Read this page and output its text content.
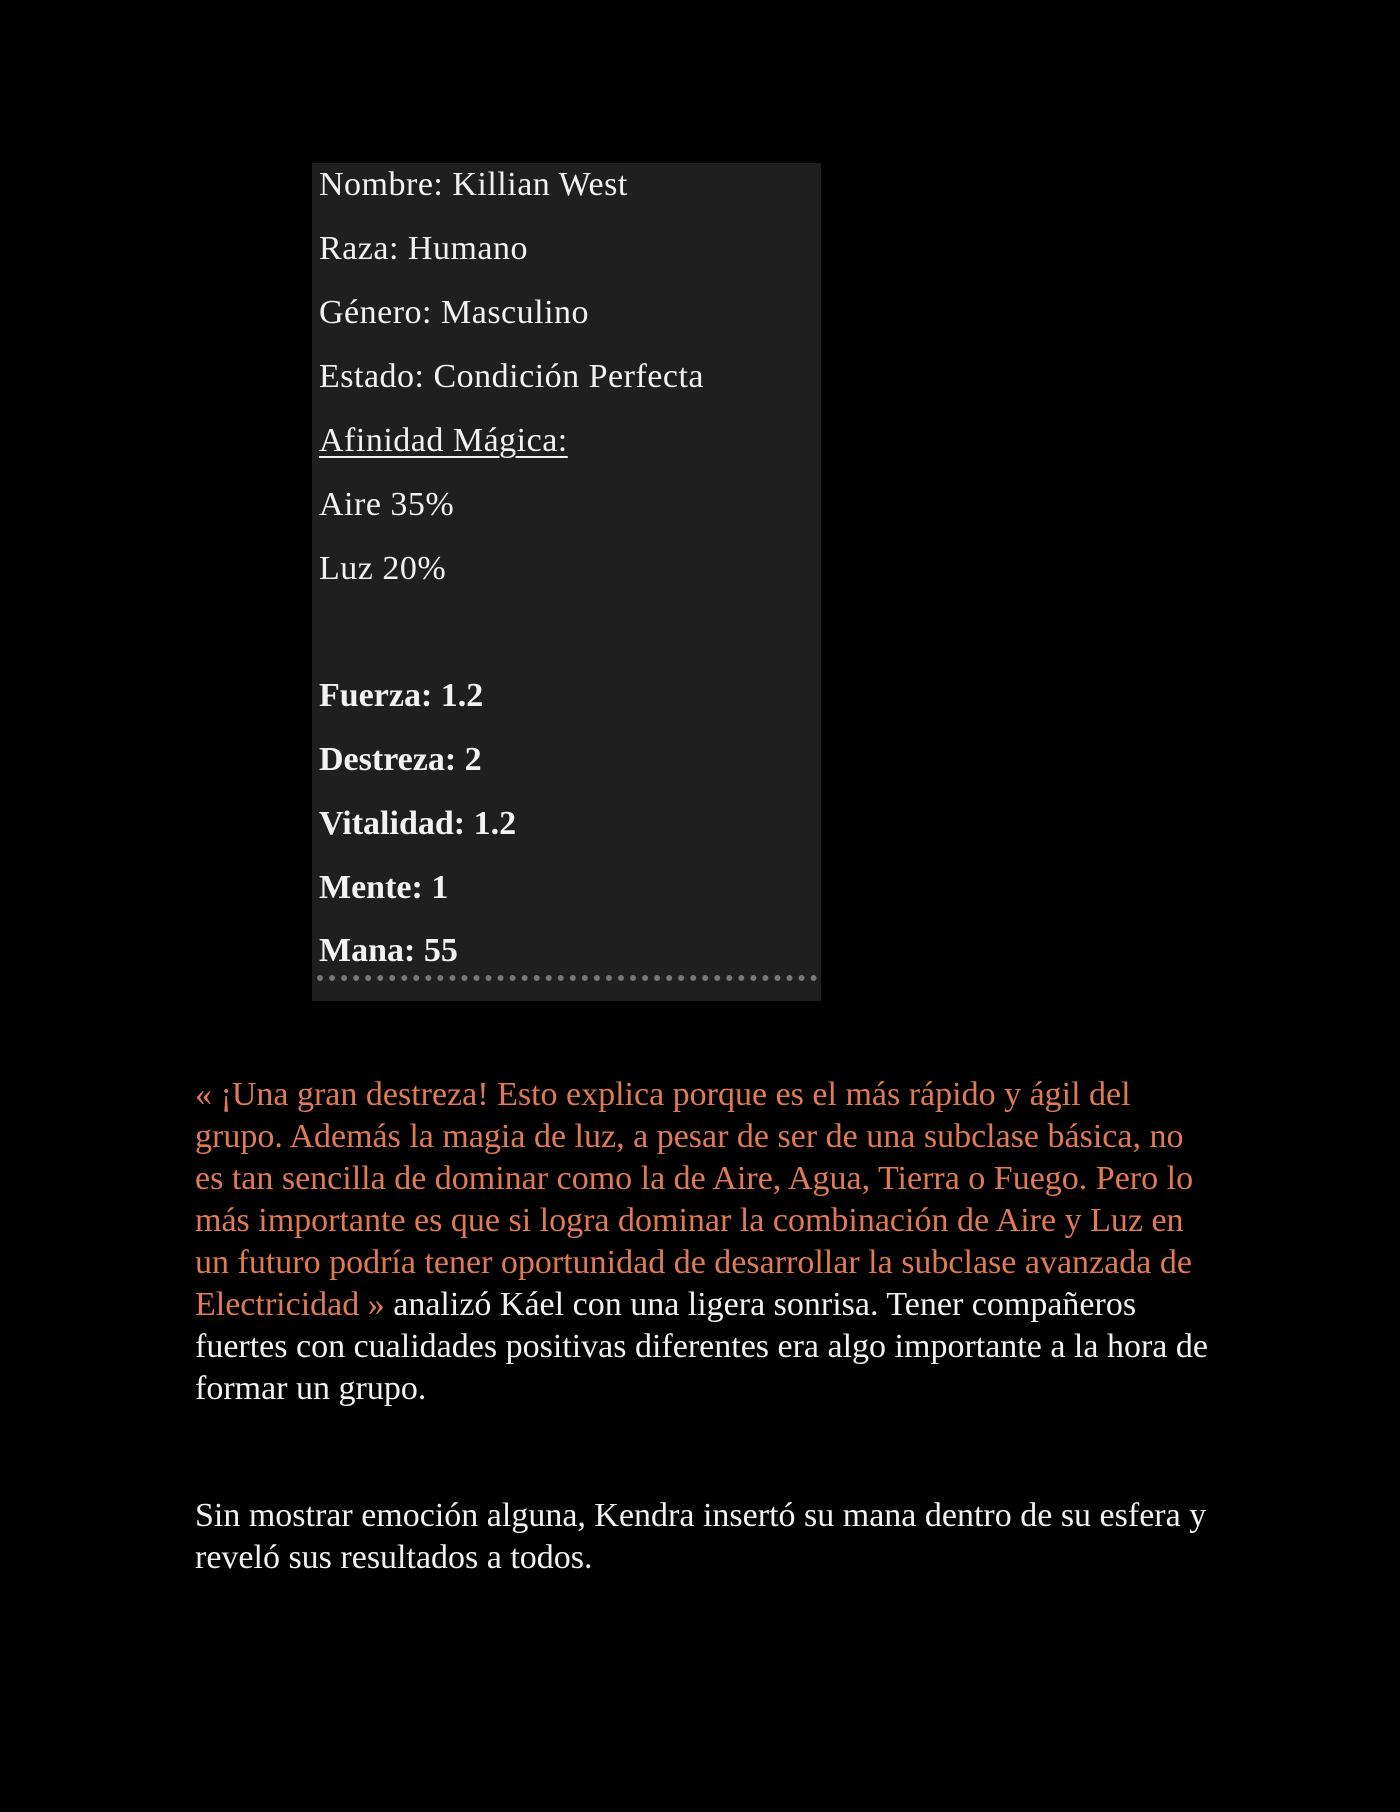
Nombre: Killian West
Raza: Humano
Género: Masculino
Estado: Condición Perfecta
Afinidad Mágica:
Aire 35%
Luz 20%
Fuerza: 1.2
Destreza: 2
Vitalidad: 1.2
Mente: 1
Mana: 55

« ¡Una gran destreza! Esto explica porque es el más rápido y ágil del grupo. Además la magia de luz, a pesar de ser de una subclase básica, no es tan sencilla de dominar como la de Aire, Agua, Tierra o Fuego. Pero lo más importante es que si logra dominar la combinación de Aire y Luz en un futuro podría tener oportunidad de desarrollar la subclase avanzada de Electricidad » analizó Káel con una ligera sonrisa. Tener compañeros fuertes con cualidades positivas diferentes era algo importante a la hora de formar un grupo.

Sin mostrar emoción alguna, Kendra insertó su mana dentro de su esfera y reveló sus resultados a todos.
